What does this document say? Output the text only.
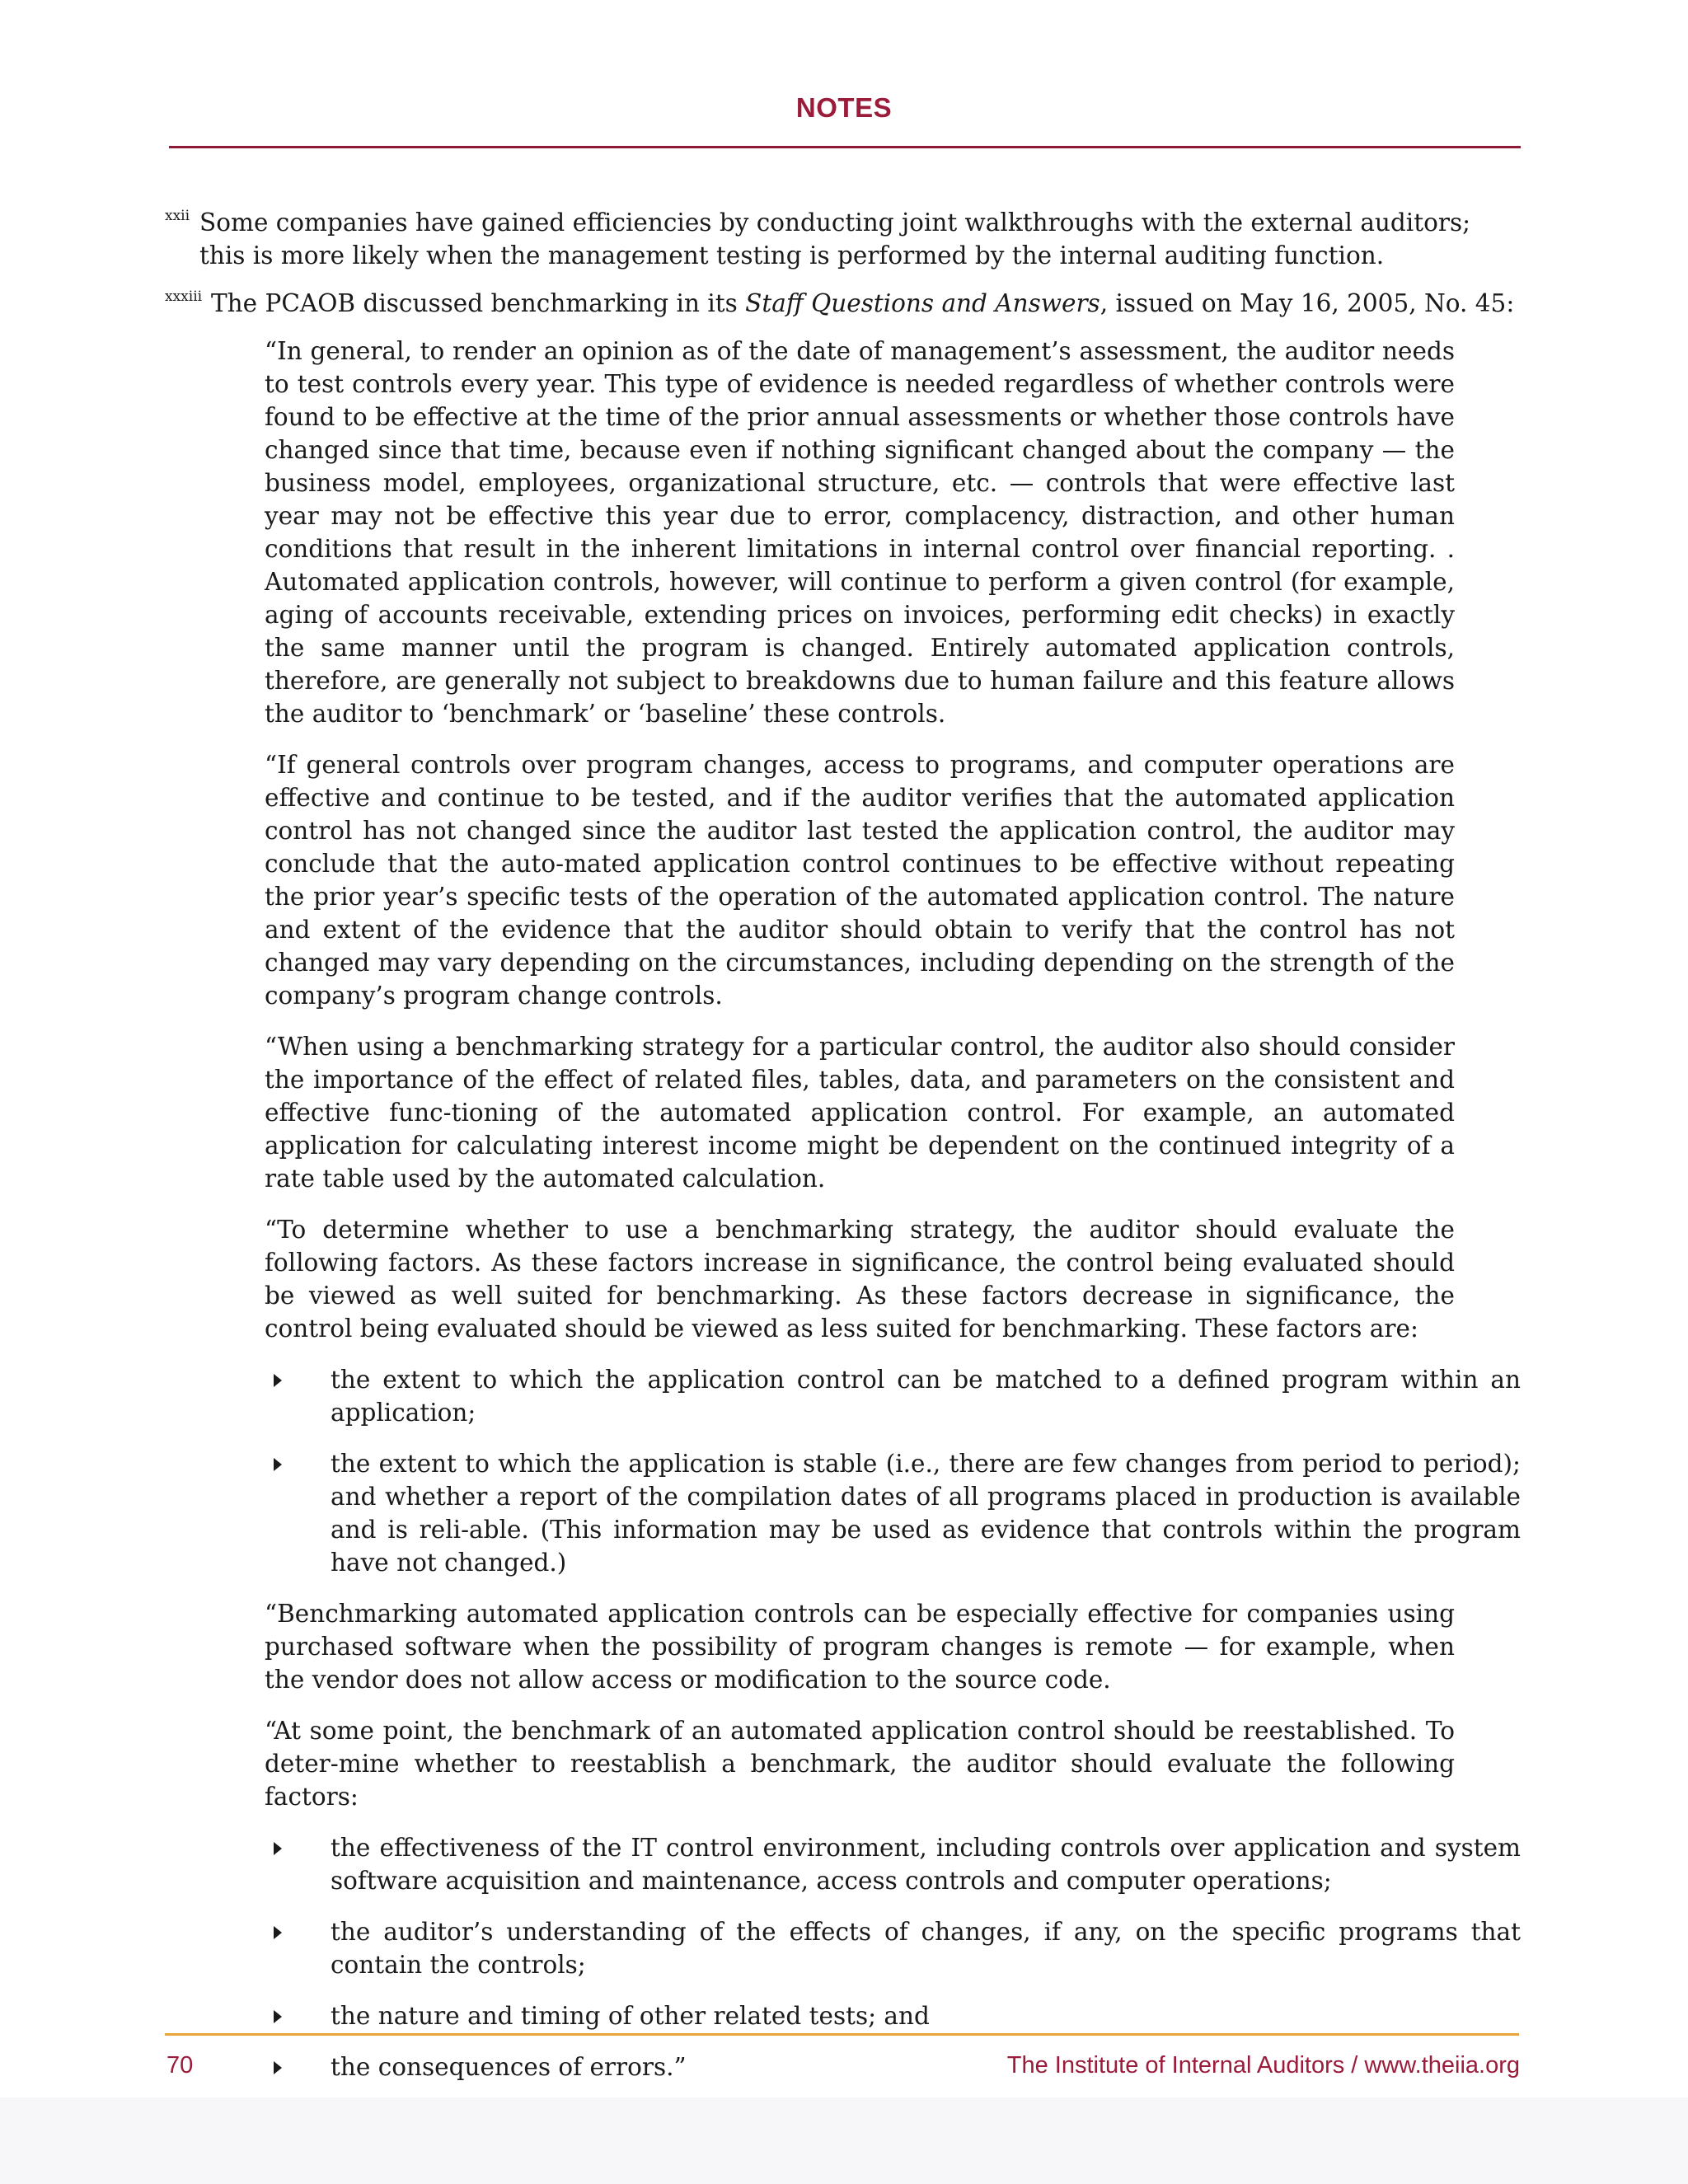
NOTES
xxii Some companies have gained efficiencies by conducting joint walkthroughs with the external auditors; this is more likely when the management testing is performed by the internal auditing function.
xxxiii The PCAOB discussed benchmarking in its Staff Questions and Answers, issued on May 16, 2005, No. 45:

“In general, to render an opinion as of the date of management’s assessment, the auditor needs to test controls every year. This type of evidence is needed regardless of whether controls were found to be effective at the time of the prior annual assessments or whether those controls have changed since that time, because even if nothing significant changed about the company — the business model, employees, organizational structure, etc. — controls that were effective last year may not be effective this year due to error, complacency, distraction, and other human conditions that result in the inherent limitations in internal control over financial reporting. . Automated application controls, however, will continue to perform a given control (for example, aging of accounts receivable, extending prices on invoices, performing edit checks) in exactly the same manner until the program is changed. Entirely automated application controls, therefore, are generally not subject to breakdowns due to human failure and this feature allows the auditor to ‘benchmark’ or ‘baseline’ these controls.

“If general controls over program changes, access to programs, and computer operations are effective and continue to be tested, and if the auditor verifies that the automated application control has not changed since the auditor last tested the application control, the auditor may conclude that the auto-mated application control continues to be effective without repeating the prior year’s specific tests of the operation of the automated application control. The nature and extent of the evidence that the auditor should obtain to verify that the control has not changed may vary depending on the circumstances, including depending on the strength of the company’s program change controls.

“When using a benchmarking strategy for a particular control, the auditor also should consider the importance of the effect of related files, tables, data, and parameters on the consistent and effective func-tioning of the automated application control. For example, an automated application for calculating interest income might be dependent on the continued integrity of a rate table used by the automated calculation.

“To determine whether to use a benchmarking strategy, the auditor should evaluate the following factors. As these factors increase in significance, the control being evaluated should be viewed as well suited for benchmarking. As these factors decrease in significance, the control being evaluated should be viewed as less suited for benchmarking. These factors are:

the extent to which the application control can be matched to a defined program within an application;
the extent to which the application is stable (i.e., there are few changes from period to period); and whether a report of the compilation dates of all programs placed in production is available and is reli-able. (This information may be used as evidence that controls within the program have not changed.)

“Benchmarking automated application controls can be especially effective for companies using purchased software when the possibility of program changes is remote — for example, when the vendor does not allow access or modification to the source code.

“At some point, the benchmark of an automated application control should be reestablished. To deter-mine whether to reestablish a benchmark, the auditor should evaluate the following factors:

the effectiveness of the IT control environment, including controls over application and system software acquisition and maintenance, access controls and computer operations;
the auditor’s understanding of the effects of changes, if any, on the specific programs that contain the controls;
the nature and timing of other related tests; and
the consequences of errors.”
70	The Institute of Internal Auditors / www.theiia.org
